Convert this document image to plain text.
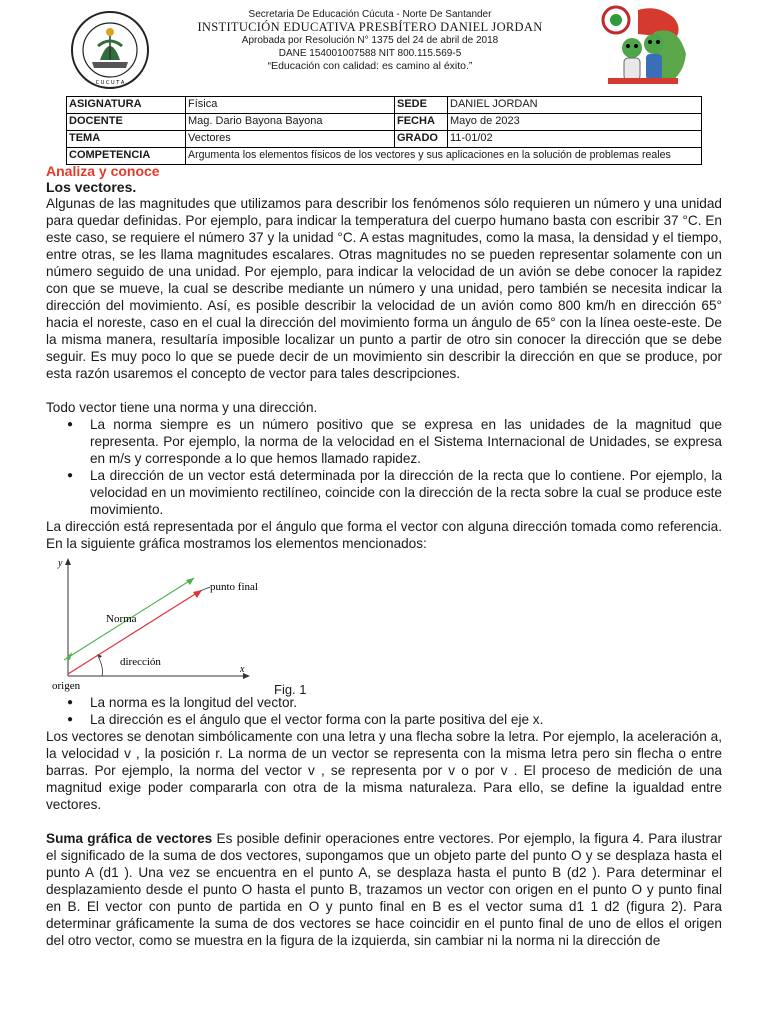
C U C U T A
Secretaria De Educación Cúcuta - Norte De Santander
INSTITUCIÓN EDUCATIVA PRESBÍTERO DANIEL JORDAN
Aprobada por Resolución N° 1375 del 24 de abril de 2018
DANE 154001007588 NIT 800.115.569-5
“Educación con calidad: es camino al éxito.”
ASIGNATURA	Física	SEDE	DANIEL JORDAN
DOCENTE	Mag. Dario Bayona Bayona	FECHA	Mayo de 2023
TEMA	Vectores	GRADO	11-01/02
COMPETENCIA	Argumenta los elementos físicos de los vectores y sus aplicaciones en la solución de problemas reales		
Analiza y conoce
Los vectores.

Algunas de las magnitudes que utilizamos para describir los fenómenos sólo requieren un número y una unidad para quedar definidas. Por ejemplo, para indicar la temperatura del cuerpo humano basta con escribir 37 °C. En este caso, se requiere el número 37 y la unidad °C. A estas magnitudes, como la masa, la densidad y el tiempo, entre otras, se les llama magnitudes escalares. Otras magnitudes no se pueden representar solamente con un número seguido de una unidad. Por ejemplo, para indicar la velocidad de un avión se debe conocer la rapidez con que se mueve, la cual se describe mediante un número y una unidad, pero también se necesita indicar la dirección del movimiento. Así, es posible describir la velocidad de un avión como 800 km/h en dirección 65° hacia el noreste, caso en el cual la dirección del movimiento forma un ángulo de 65° con la línea oeste-este. De la misma manera, resultaría imposible localizar un punto a partir de otro sin conocer la dirección que se debe seguir. Es muy poco lo que se puede decir de un movimiento sin describir la dirección en que se produce, por esta razón usaremos el concepto de vector para tales descripciones.

Todo vector tiene una norma y una dirección.

● La norma siempre es un número positivo que se expresa en las unidades de la magnitud que representa. Por ejemplo, la norma de la velocidad en el Sistema Internacional de Unidades, se expresa en m/s y corresponde a lo que hemos llamado rapidez.
● La dirección de un vector está determinada por la dirección de la recta que lo contiene. Por ejemplo, la velocidad en un movimiento rectilíneo, coincide con la dirección de la recta sobre la cual se produce este movimiento.

La dirección está representada por el ángulo que forma el vector con alguna dirección tomada como referencia. En la siguiente gráfica mostramos los elementos mencionados:

y
x
punto final
Norma
dirección
origen	Fig. 1
● La norma es la longitud del vector.
● La dirección es el ángulo que el vector forma con la parte positiva del eje x.

Los vectores se denotan simbólicamente con una letra y una flecha sobre la letra. Por ejemplo, la aceleración a, la velocidad v , la posición r. La norma de un vector se representa con la misma letra pero sin flecha o entre barras. Por ejemplo, la norma del vector v , se representa por v o por v . El proceso de medición de una magnitud exige poder compararla con otra de la misma naturaleza. Para ello, se define la igualdad entre vectores.

Suma gráfica de vectores Es posible definir operaciones entre vectores. Por ejemplo, la figura 4. Para ilustrar el significado de la suma de dos vectores, supongamos que un objeto parte del punto O y se desplaza hasta el punto A (d1 ). Una vez se encuentra en el punto A, se desplaza hasta el punto B (d2 ). Para determinar el desplazamiento desde el punto O hasta el punto B, trazamos un vector con origen en el punto O y punto final en B. El vector con punto de partida en O y punto final en B es el vector suma d1 1 d2 (figura 2). Para determinar gráficamente la suma de dos vectores se hace coincidir en el punto final de uno de ellos el origen del otro vector, como se muestra en la figura de la izquierda, sin cambiar ni la norma ni la dirección de
